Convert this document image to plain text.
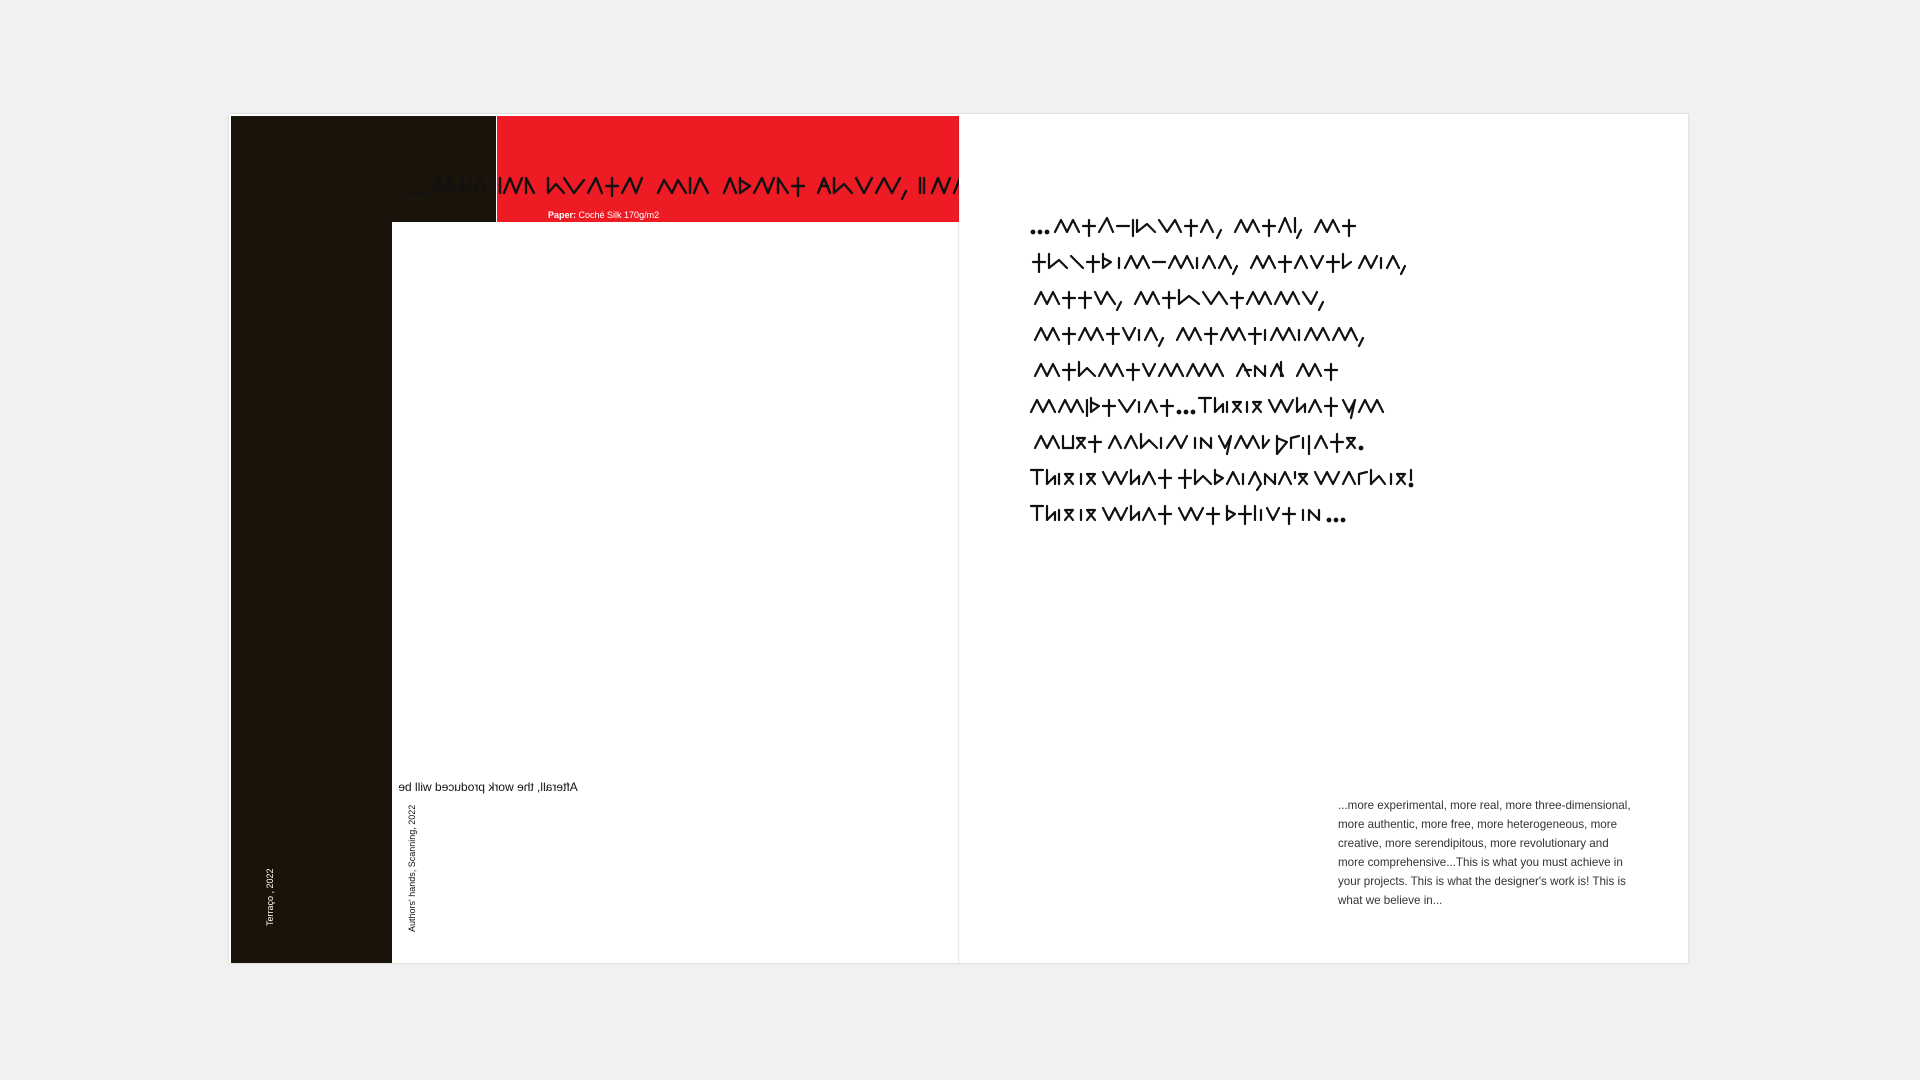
Paper: Coché Silk 170g/m2
Afterall, the work produced will be
Authors' hands, Scanning, 2022
Terraço , 2022
...more experimental, more real, more three-dimensional, more authentic, more free, more heterogeneous, more creative, more serendipitous, more revolutionary and more comprehensive...This is what you must achieve in your projects. This is what the designer's work is! This is what we believe in...
